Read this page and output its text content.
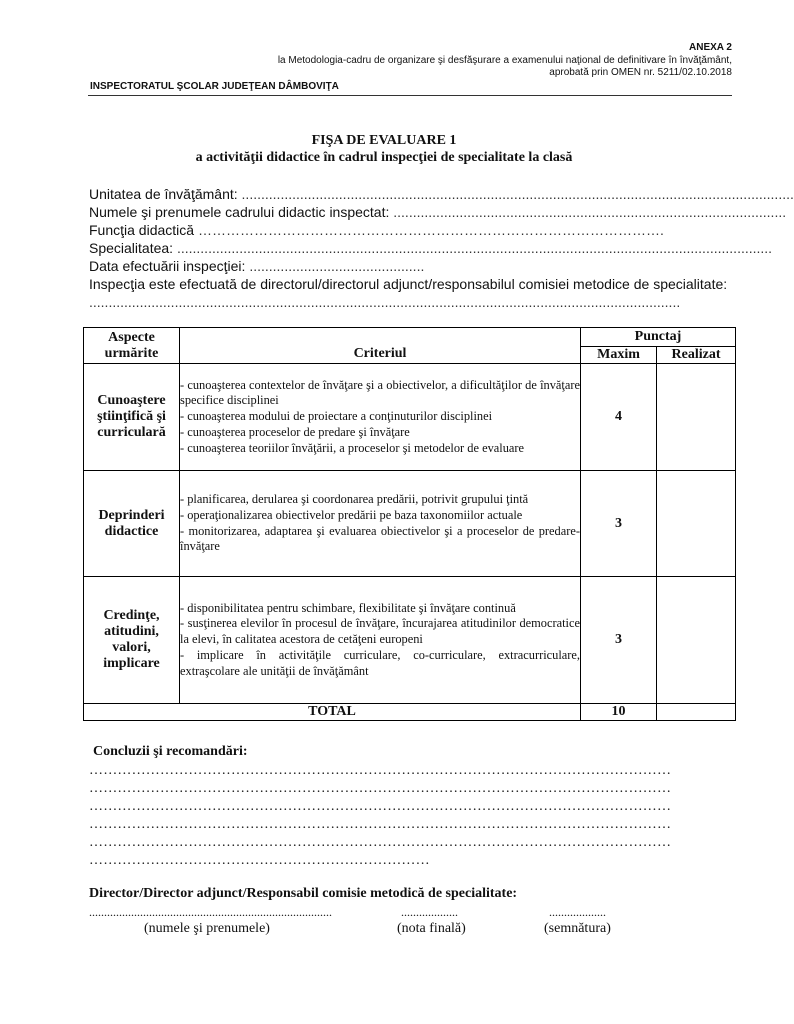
ANEXA 2
la Metodologia-cadru de organizare şi desfăşurare a examenului naţional de definitivare în învăţământ,
aprobată prin OMEN nr. 5211/02.10.2018
INSPECTORATUL ŞCOLAR JUDEŢEAN DÂMBOVIŢA
FIŞA DE EVALUARE 1
a activităţii didactice în cadrul inspecţiei de specialitate la clasă
Unitatea de învăţământ: ..............................................................................................................................................
Numele şi prenumele cadrului didactic inspectat: .....................................................................................................
Funcţia didactică ……………………………………………………………………………………….
Specialitatea: .........................................................................................................................................................
Data efectuării inspecţiei: .............................................
Inspecţia este efectuată de directorul/directorul adjunct/responsabilul comisiei metodice de specialitate:
........................................................................................................................................................
Aspecte urmărite	Criteriul	Punctaj	
		Maxim	Realizat
Cunoaştere ştiinţifică şi curriculară	- cunoaşterea contextelor de învăţare şi a obiectivelor, a dificultăţilor de învăţare specifice disciplinei
- cunoaşterea modului de proiectare a conţinuturilor disciplinei
- cunoaşterea proceselor de predare şi învăţare
- cunoaşterea teoriilor învăţării, a proceselor şi metodelor de evaluare	4	
Deprinderi didactice	- planificarea, derularea şi coordonarea predării, potrivit grupului ţintă
- operaţionalizarea obiectivelor predării pe baza taxonomiilor actuale
- monitorizarea, adaptarea şi evaluarea obiectivelor şi a proceselor de predare-învăţare	3	
Credinţe, atitudini, valori, implicare	- disponibilitatea pentru schimbare, flexibilitate şi învăţare continuă
- susţinerea elevilor în procesul de învăţare, încurajarea atitudinilor democratice la elevi, în calitatea acestora de cetăţeni europeni
- implicare în activităţile curriculare, co-curriculare, extracurriculare, extraşcolare ale unităţii de învăţământ	3	
TOTAL		10	
Concluzii şi recomandări:
……………………………………………………………………………………………………………
……………………………………………………………………………………………………………
……………………………………………………………………………………………………………
……………………………………………………………………………………………………………
……………………………………………………………………………………………………………
………………………………………………………………
Director/Director adjunct/Responsabil comisie metodică de specialitate:
.................................................................................	...................	...................
(numele şi prenumele)	(nota finală)	(semnătura)
